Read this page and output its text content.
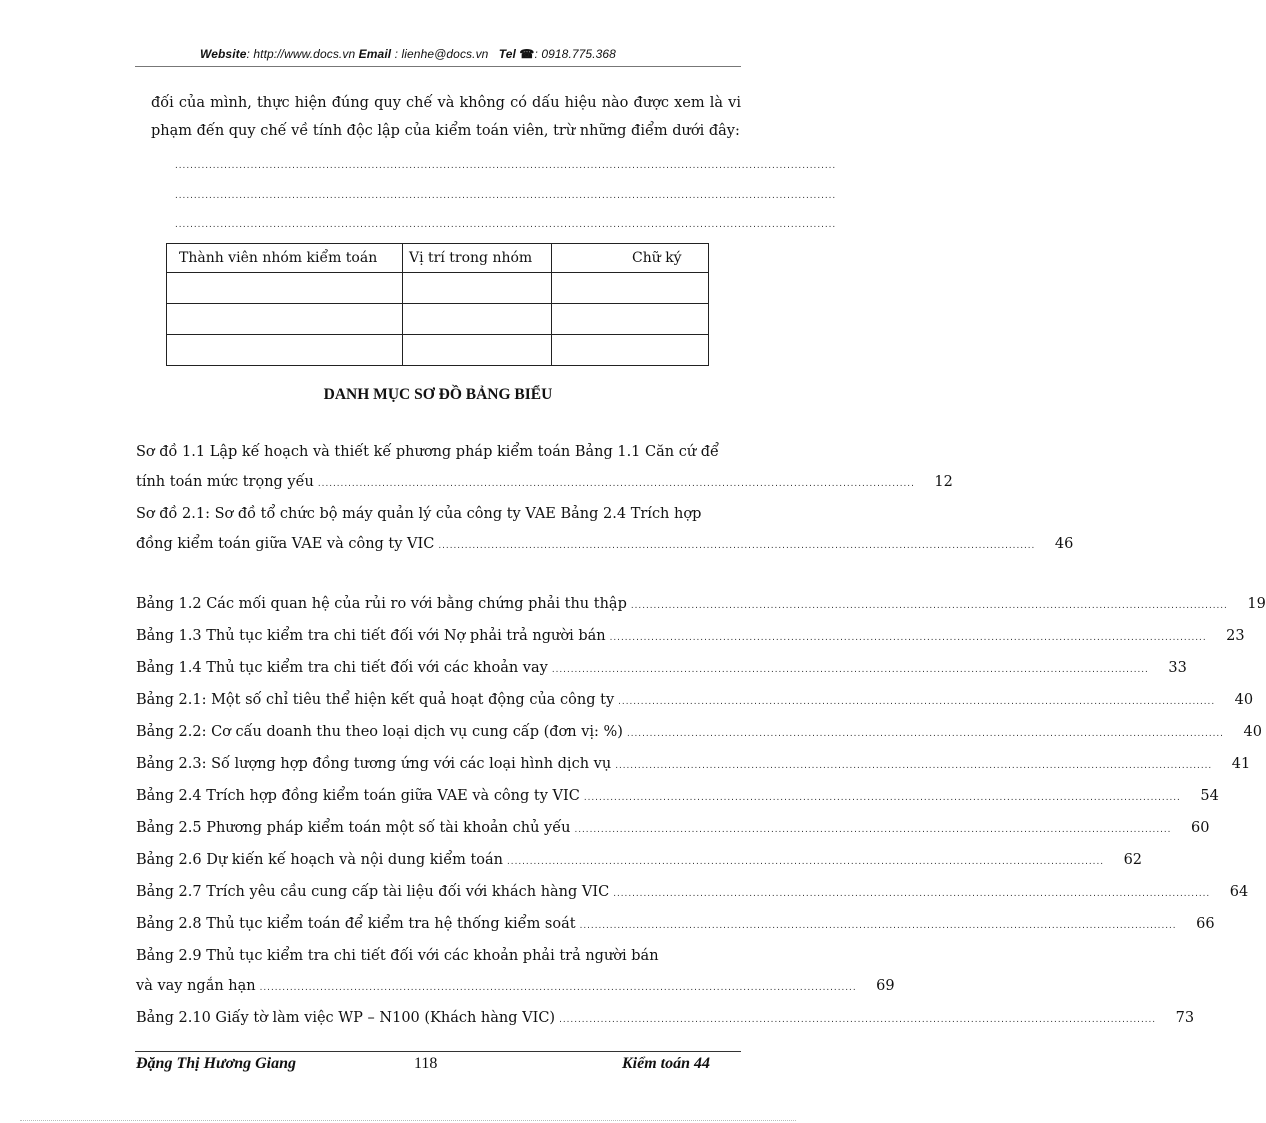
Website: http://www.docs.vn Email : lienhe@docs.vn Tel ☎: 0918.775.368
đối của mình, thực hiện đúng quy chế và không có dấu hiệu nào được xem là vi
phạm đến quy chế về tính độc lập của kiểm toán viên, trừ những điểm dưới đây:
...............................................................................................................................................................................
...............................................................................................................................................................................
...............................................................................................................................................................................
Thành viên nhóm kiểm toán	Vị trí trong nhóm	Chữ ký

DANH MỤC SƠ ĐỒ BẢNG BIỂU
Sơ đồ 1.1 Lập kế hoạch và thiết kế phương pháp kiểm toán Bảng 1.1 Căn cứ để
tính toán mức trọng yếu ..............................................................................................................................................................	12
Sơ đồ 2.1: Sơ đồ tổ chức bộ máy quản lý của công ty VAE Bảng 2.4 Trích hợp
đồng kiểm toán giữa VAE và công ty VIC ..............................................................................................................................................................	46
Bảng 1.2 Các mối quan hệ của rủi ro với bằng chứng phải thu thập ..............................................................................................................................................................	19
Bảng 1.3 Thủ tục kiểm tra chi tiết đối với Nợ phải trả người bán ..............................................................................................................................................................	23
Bảng 1.4 Thủ tục kiểm tra chi tiết đối với các khoản vay ..............................................................................................................................................................	33
Bảng 2.1: Một số chỉ tiêu thể hiện kết quả hoạt động của công ty ..............................................................................................................................................................	40
Bảng 2.2: Cơ cấu doanh thu theo loại dịch vụ cung cấp (đơn vị: %) ..............................................................................................................................................................	40
Bảng 2.3: Số lượng hợp đồng tương ứng với các loại hình dịch vụ ..............................................................................................................................................................	41
Bảng 2.4 Trích hợp đồng kiểm toán giữa VAE và công ty VIC ..............................................................................................................................................................	54
Bảng 2.5 Phương pháp kiểm toán một số tài khoản chủ yếu ..............................................................................................................................................................	60
Bảng 2.6 Dự kiến kế hoạch và nội dung kiểm toán ..............................................................................................................................................................	62
Bảng 2.7 Trích yêu cầu cung cấp tài liệu đối với khách hàng VIC ..............................................................................................................................................................	64
Bảng 2.8 Thủ tục kiểm toán để kiểm tra hệ thống kiểm soát ..............................................................................................................................................................	66
Bảng 2.9 Thủ tục kiểm tra chi tiết đối với các khoản phải trả người bán
và vay ngắn hạn ..............................................................................................................................................................	69
Bảng 2.10 Giấy tờ làm việc WP – N100 (Khách hàng VIC) ..............................................................................................................................................................	73
Đặng Thị Hương Giang	118	Kiểm toán 44
